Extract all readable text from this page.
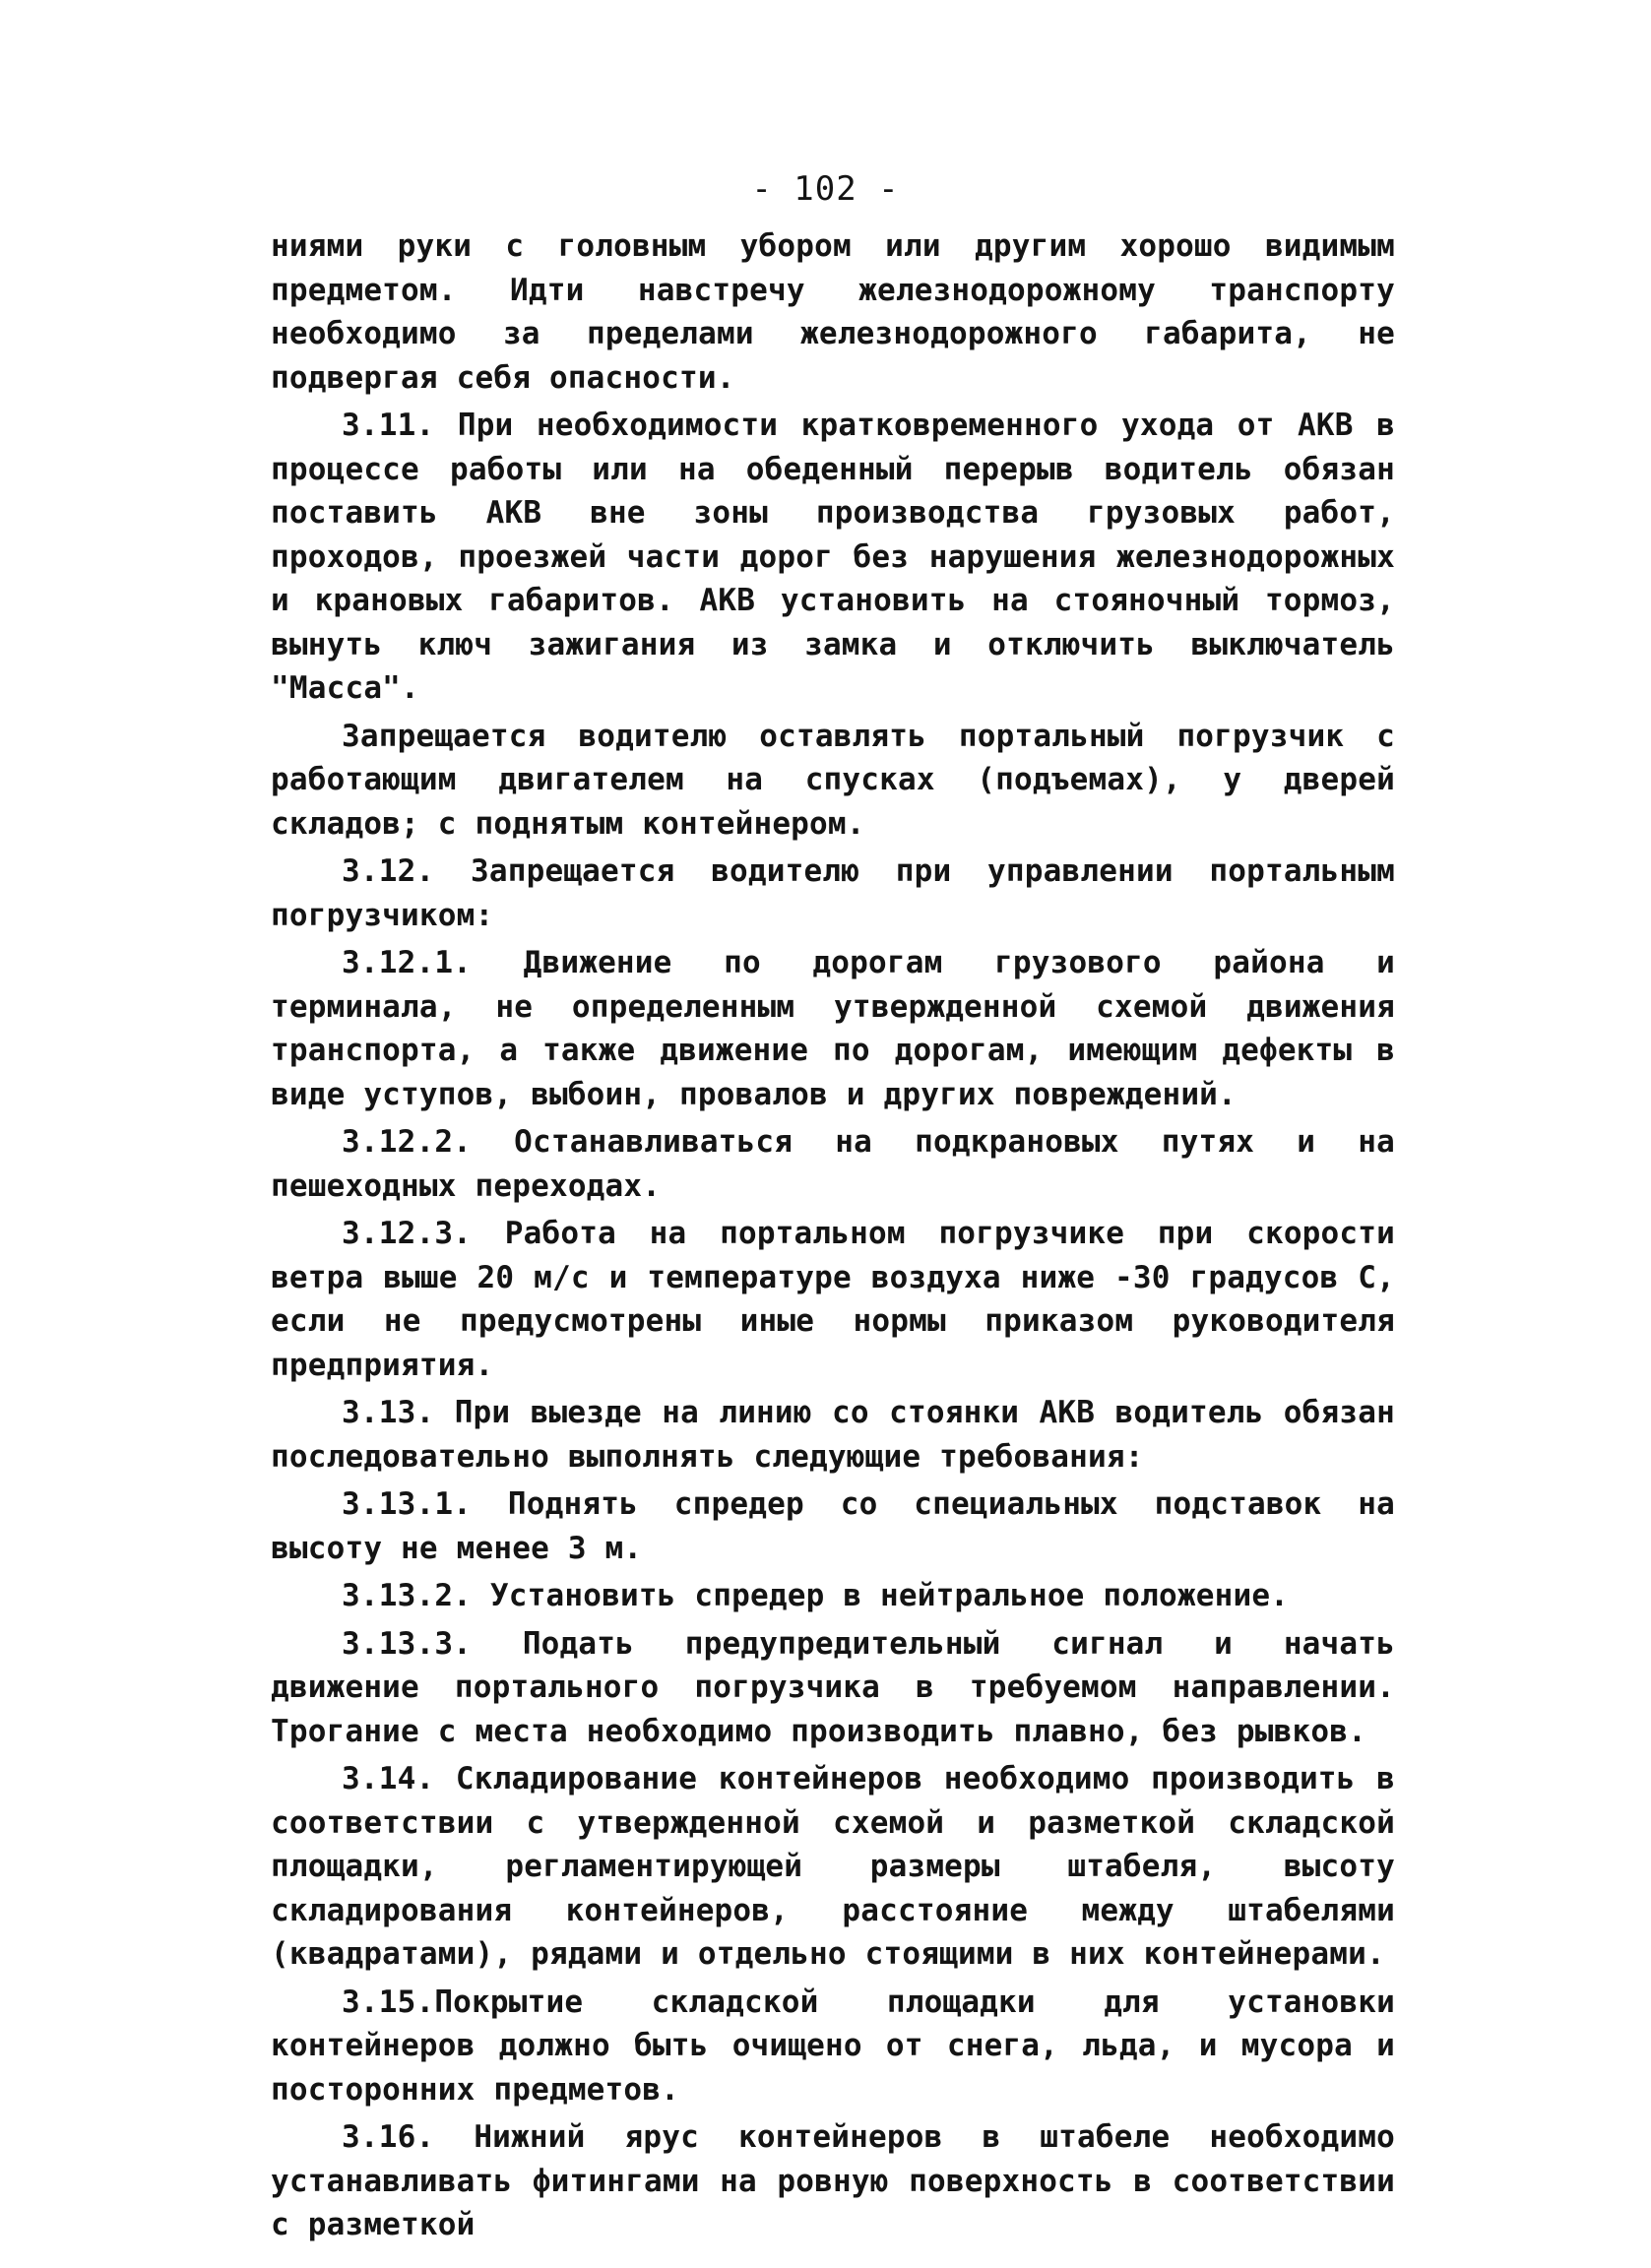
- 102 -

ниями руки с головным убором или другим хорошо видимым предметом. Идти навстречу железнодорожному транспорту необходимо за пределами железнодорожного габарита, не подвергая себя опасности.

3.11. При необходимости кратковременного ухода от АКВ в процессе работы или на обеденный перерыв водитель обязан поставить АКВ вне зоны производства грузовых работ, проходов, проезжей части дорог без нарушения железнодорожных и крановых габаритов. АКВ установить на стояночный тормоз, вынуть ключ зажигания из замка и отключить выключатель "Масса".

Запрещается водителю оставлять портальный погрузчик с работающим двигателем на спусках (подъемах), у дверей складов; с поднятым контейнером.

3.12. Запрещается водителю при управлении портальным погрузчиком:

3.12.1. Движение по дорогам грузового района и терминала, не определенным утвержденной схемой движения транспорта, а также движение по дорогам, имеющим дефекты в виде уступов, выбоин, провалов и других повреждений.

3.12.2. Останавливаться на подкрановых путях и на пешеходных переходах.

3.12.3. Работа на портальном погрузчике при скорости ветра выше 20 м/с и температуре воздуха ниже -30 градусов С, если не предусмотрены иные нормы приказом руководителя предприятия.

3.13. При выезде на линию со стоянки АКВ водитель обязан последовательно выполнять следующие требования:

3.13.1. Поднять спредер со специальных подставок на высоту не менее 3 м.

3.13.2. Установить спредер в нейтральное положение.

3.13.3. Подать предупредительный сигнал и начать движение портального погрузчика в требуемом направлении. Трогание с места необходимо производить плавно, без рывков.

3.14. Складирование контейнеров необходимо производить в соответствии с утвержденной схемой и разметкой складской площадки, регламентирующей размеры штабеля, высоту складирования контейнеров, расстояние между штабелями (квадратами), рядами и отдельно стоящими в них контейнерами.

3.15.Покрытие складской площадки для установки контейнеров должно быть очищено от снега, льда, и мусора и посторонних предметов.

3.16. Нижний ярус контейнеров в штабеле необходимо устанавливать фитингами на ровную поверхность в соответствии с разметкой
